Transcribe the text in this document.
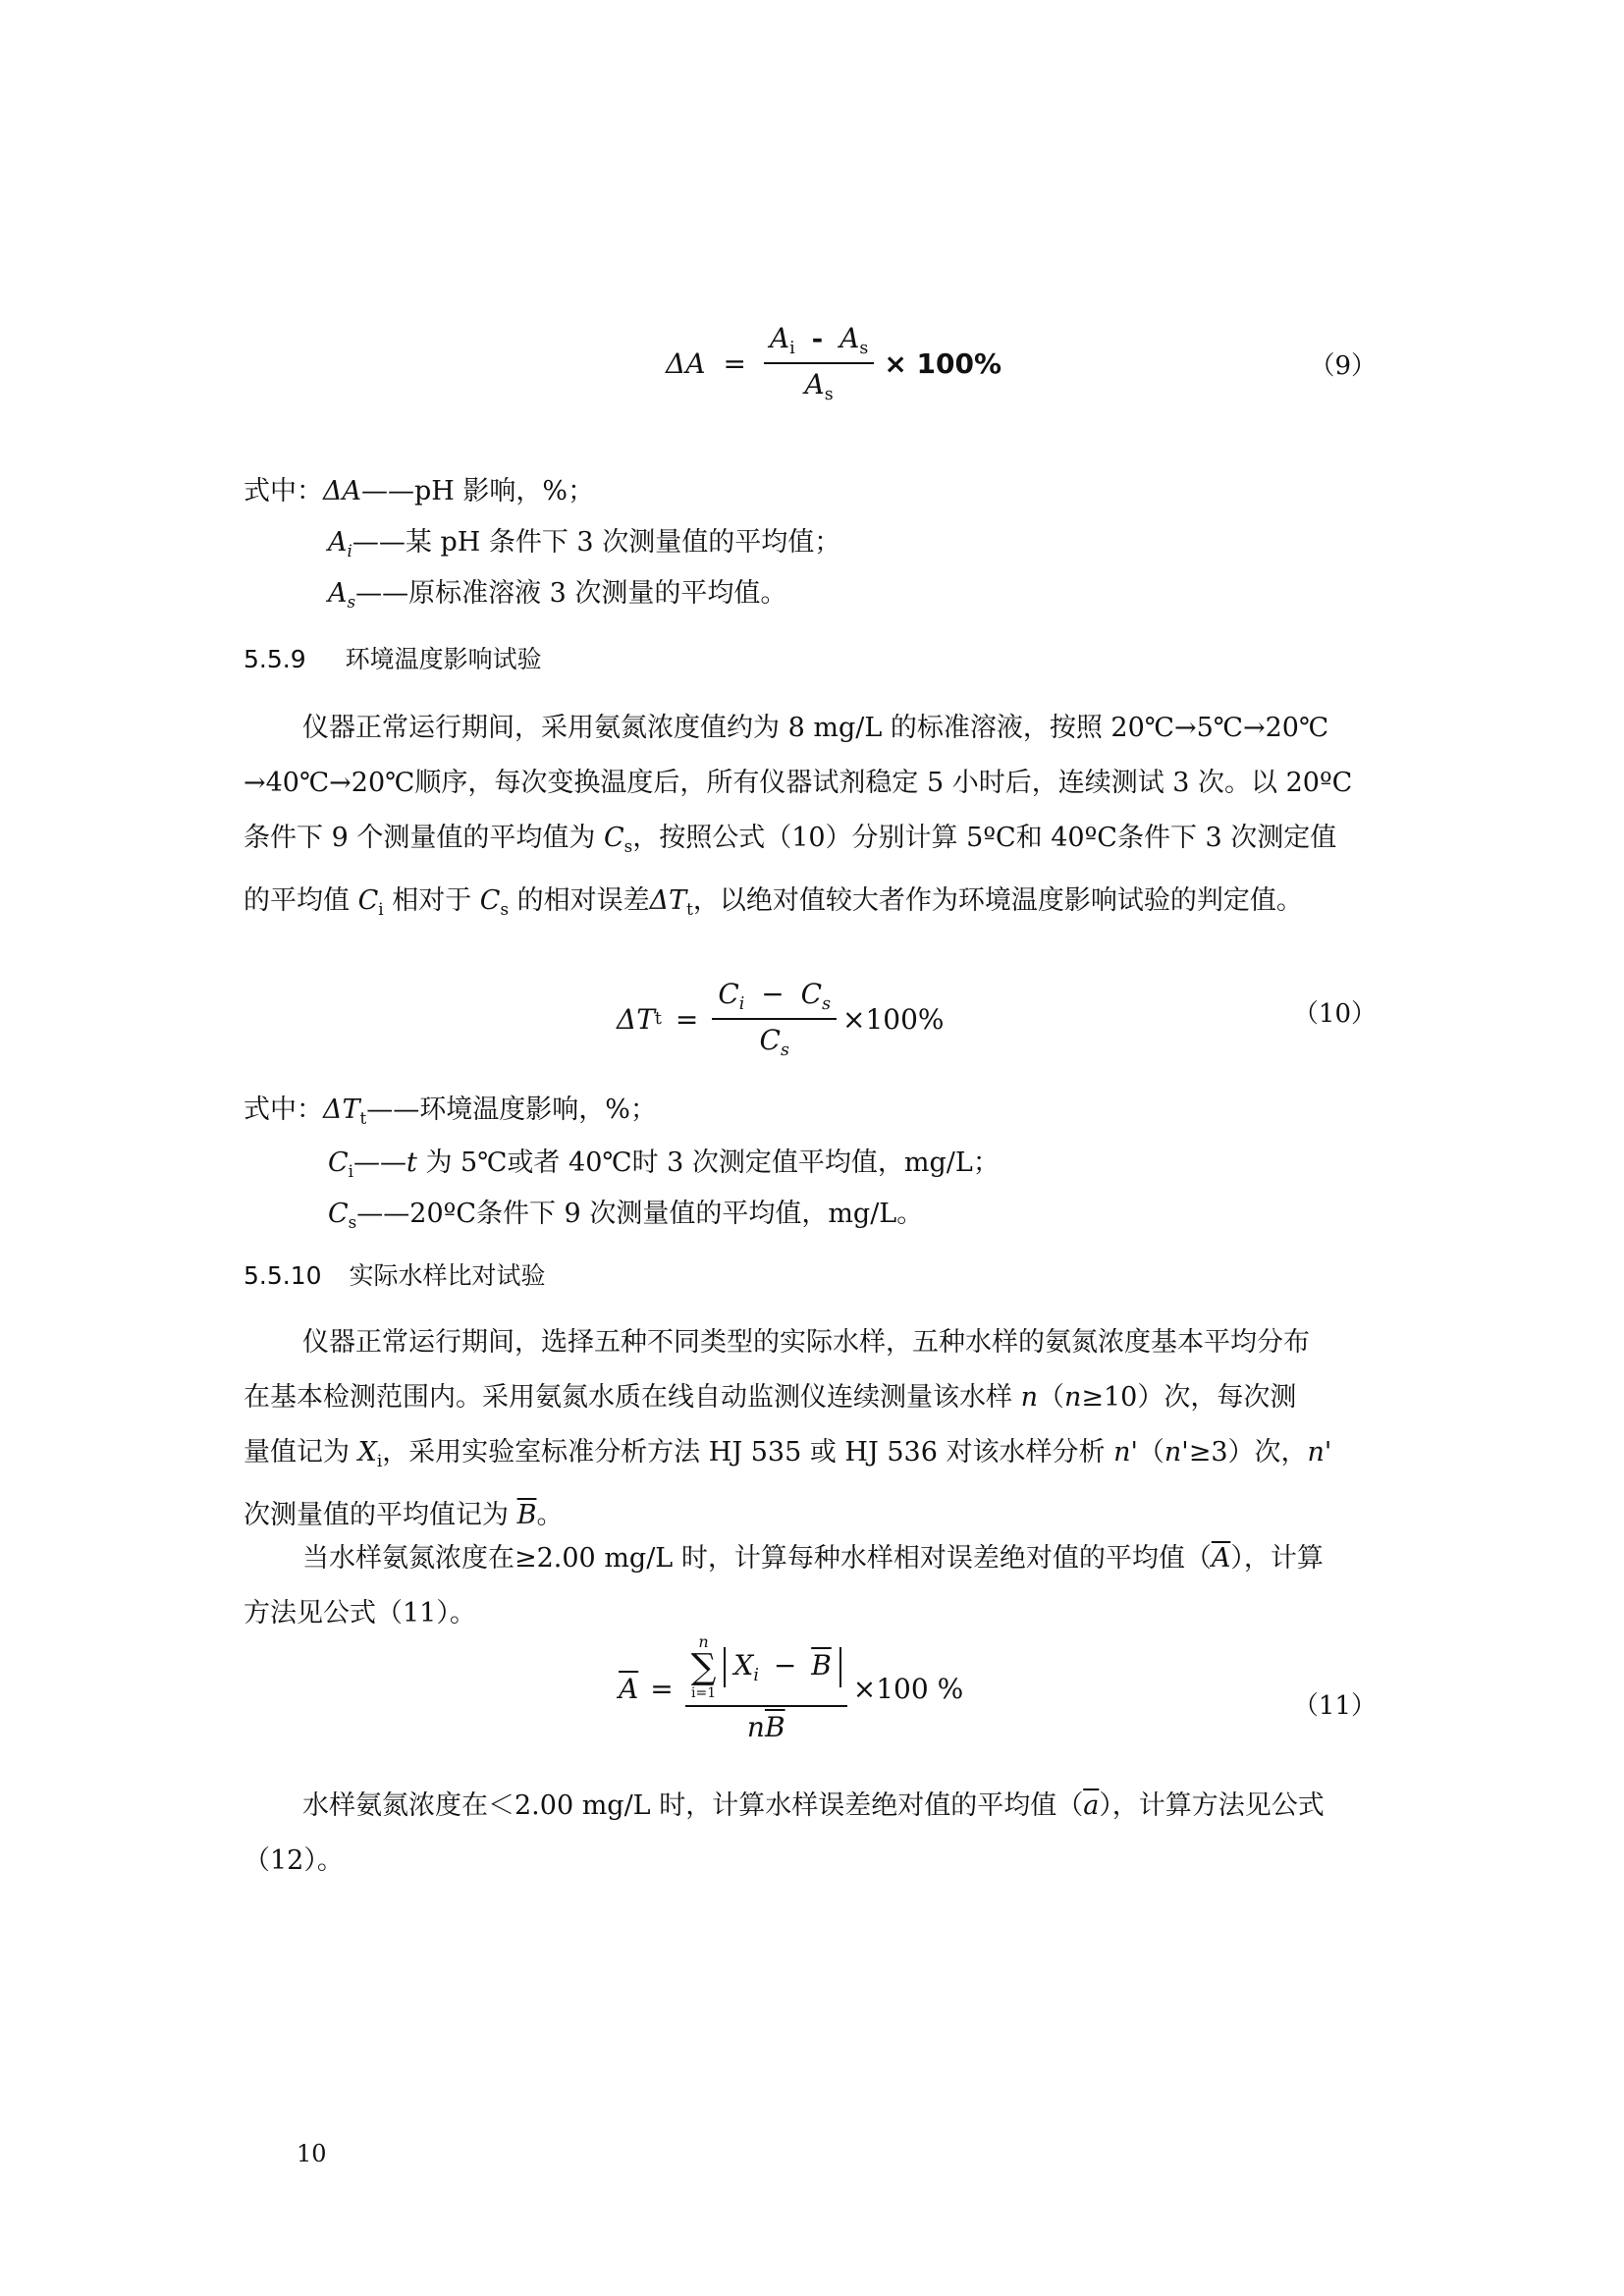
$\Delta A = \frac{A_i - A_s}{A_s} \times 100\%$	（9）
式中：ΔA——pH 影响，%；
$A_i——$某 pH 条件下 3 次测量值的平均值；
$A_s——$原标准溶液 3 次测量的平均值。
5.5.9 环境温度影响试验
仪器正常运行期间，采用氨氮浓度值约为 8 mg/L 的标准溶液，按照 20℃→5℃→20℃
→40℃→20℃顺序，每次变换温度后，所有仪器试剂稳定 5 小时后，连续测试 3 次。以 20ºC
条件下 9 个测量值的平均值为 $C_s$，按照公式（10）分别计算 5ºC和 40ºC条件下 3 次测定值
的平均值 $C_i$ 相对于 $C_s$ 的相对误差$\Delta T_t$，以绝对值较大者作为环境温度影响试验的判定值。
ΔT $t = \frac{C_i - C_s}{C_s} \times 100\%$	（10）
式中：$\Delta T_t——$环境温度影响，%；
$C_i——t$ 为 5℃或者 40℃时 3 次测定值平均值，mg/L；
$C_s——20ºC$条件下 9 次测量值的平均值，mg/L。
5.5.10 实际水样比对试验
仪器正常运行期间，选择五种不同类型的实际水样，五种水样的氨氮浓度基本平均分布
在基本检测范围内。采用氨氮水质在线自动监测仪连续测量该水样 n（n≥10）次，每次测
量值记为 $X_i$，采用实验室标准分析方法 HJ 535 或 HJ 536 对该水样分析 n'（n'≥3）次，n'
次测量值的平均值记为 $\overline{B}$。
当水样氨氮浓度在≥2.00 mg/L 时，计算每种水样相对误差绝对值的平均值$(\overline{A})$，计算
方法见公式（11）。
$\overline{A}$ =
n
∑
i=1
$X_i - \overline{B}$
$n\overline{B}$
×100 %
（11）
水样氨氮浓度在＜2.00 mg/L 时，计算水样误差绝对值的平均值$(\overline{a})$，计算方法见公式
（12）。
10
